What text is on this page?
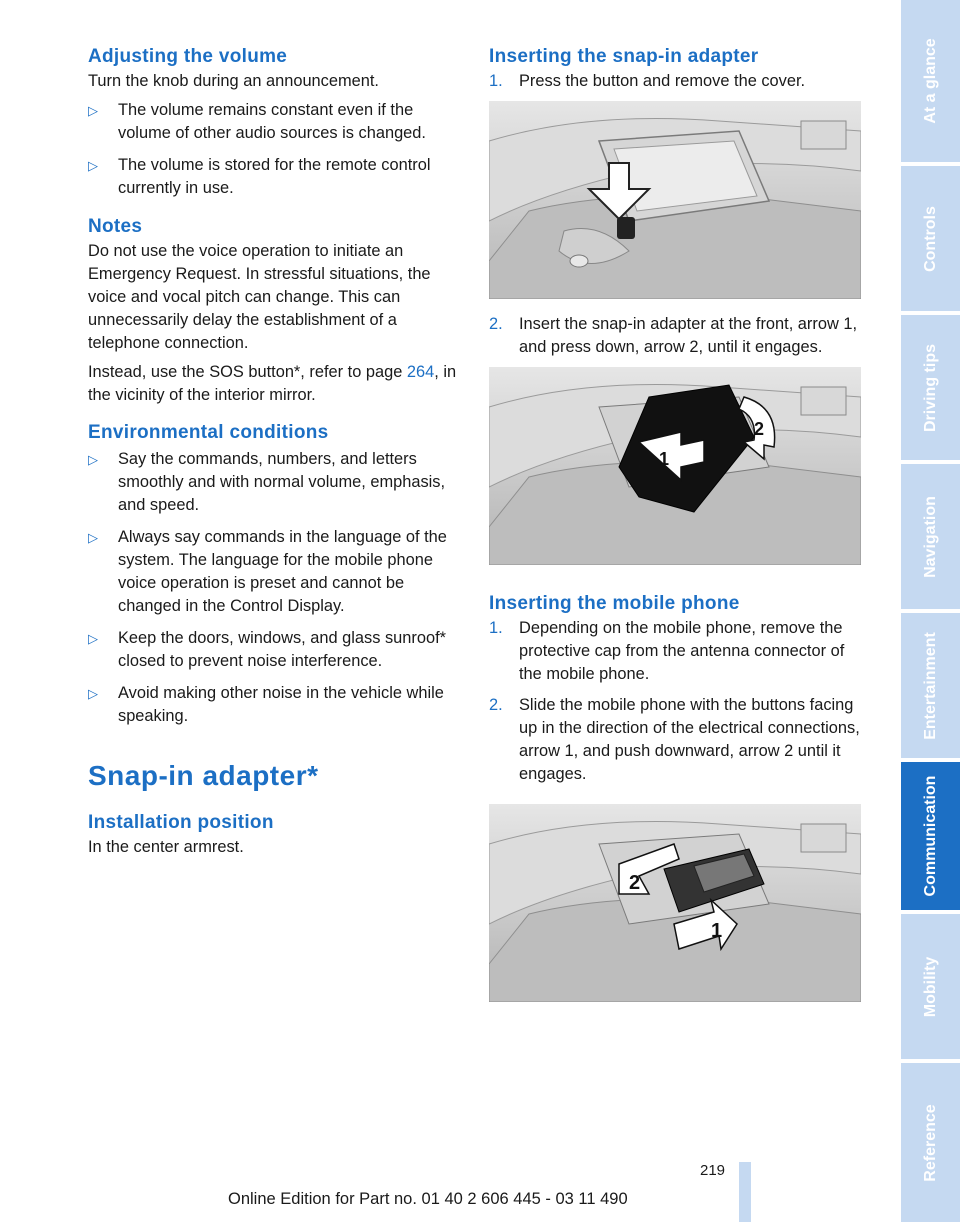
Adjusting the volume

Turn the knob during an announcement.

▷ The volume remains constant even if the volume of other audio sources is changed.
▷ The volume is stored for the remote control currently in use.
Notes

Do not use the voice operation to initiate an Emergency Request. In stressful situations, the voice and vocal pitch can change. This can unnecessarily delay the establishment of a telephone connection.

Instead, use the SOS button*, refer to page 264, in the vicinity of the interior mirror.

Environmental conditions
▷ Say the commands, numbers, and letters smoothly and with normal volume, emphasis, and speed.
▷ Always say commands in the language of the system. The language for the mobile phone voice operation is preset and cannot be changed in the Control Display.
▷ Keep the doors, windows, and glass sunroof* closed to prevent noise interference.
▷ Avoid making other noise in the vehicle while speaking.
Snap-in adapter*
Installation position

In the center armrest.

Inserting the snap-in adapter
1. Press the button and remove the cover.
2. Insert the snap-in adapter at the front, arrow 1, and press down, arrow 2, until it engages.
1
2
Inserting the mobile phone
1. Depending on the mobile phone, remove the protective cap from the antenna connector of the mobile phone.
2. Slide the mobile phone with the buttons facing up in the direction of the electrical connections, arrow 1, and push downward, arrow 2 until it engages.
2
1
At a glance
Controls
Driving tips
Navigation
Entertainment
Communication
Mobility
Reference
219
Online Edition for Part no. 01 40 2 606 445 - 03 11 490
